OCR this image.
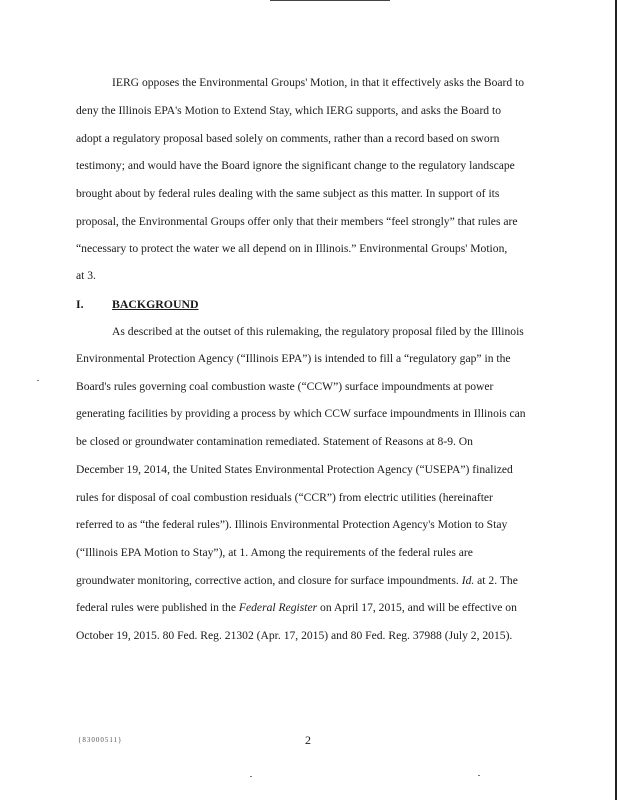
IERG opposes the Environmental Groups' Motion, in that it effectively asks the Board to
deny the Illinois EPA's Motion to Extend Stay, which IERG supports, and asks the Board to
adopt a regulatory proposal based solely on comments, rather than a record based on sworn
testimony; and would have the Board ignore the significant change to the regulatory landscape
brought about by federal rules dealing with the same subject as this matter. In support of its
proposal, the Environmental Groups offer only that their members “feel strongly” that rules are
“necessary to protect the water we all depend on in Illinois.” Environmental Groups' Motion,
at 3.
I. BACKGROUND
As described at the outset of this rulemaking, the regulatory proposal filed by the Illinois
Environmental Protection Agency (“Illinois EPA”) is intended to fill a “regulatory gap” in the
Board's rules governing coal combustion waste (“CCW”) surface impoundments at power
generating facilities by providing a process by which CCW surface impoundments in Illinois can
be closed or groundwater contamination remediated. Statement of Reasons at 8-9. On
December 19, 2014, the United States Environmental Protection Agency (“USEPA”) finalized
rules for disposal of coal combustion residuals (“CCR”) from electric utilities (hereinafter
referred to as “the federal rules”). Illinois Environmental Protection Agency's Motion to Stay
(“Illinois EPA Motion to Stay”), at 1. Among the requirements of the federal rules are
groundwater monitoring, corrective action, and closure for surface impoundments. Id. at 2. The
federal rules were published in the Federal Register on April 17, 2015, and will be effective on
October 19, 2015. 80 Fed. Reg. 21302 (Apr. 17, 2015) and 80 Fed. Reg. 37988 (July 2, 2015).
{83000511}	2
